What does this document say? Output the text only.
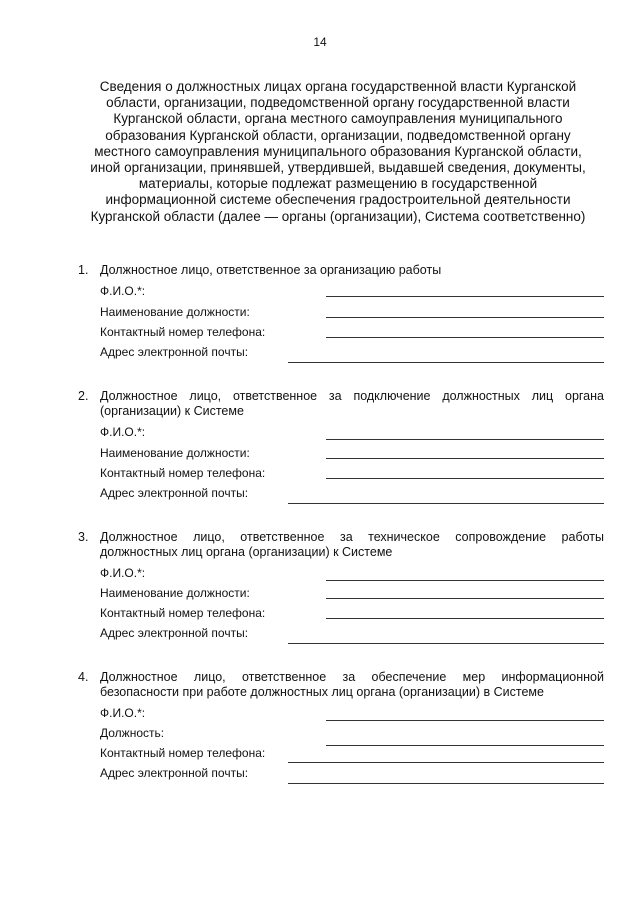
14
Сведения о должностных лицах органа государственной власти Курганской области, организации, подведомственной органу государственной власти Курганской области, органа местного самоуправления муниципального образования Курганской области, организации, подведомственной органу местного самоуправления муниципального образования Курганской области, иной организации, принявшей, утвердившей, выдавшей сведения, документы, материалы, которые подлежат размещению в государственной информационной системе обеспечения градостроительной деятельности Курганской области (далее — органы (организации), Система соответственно)
1. Должностное лицо, ответственное за организацию работы
Ф.И.О.*:
Наименование должности:
Контактный номер телефона:
Адрес электронной почты:
2. Должностное лицо, ответственное за подключение должностных лиц органа (организации) к Системе
Ф.И.О.*:
Наименование должности:
Контактный номер телефона:
Адрес электронной почты:
3. Должностное лицо, ответственное за техническое сопровождение работы должностных лиц органа (организации) к Системе
Ф.И.О.*:
Наименование должности:
Контактный номер телефона:
Адрес электронной почты:
4. Должностное лицо, ответственное за обеспечение мер информационной безопасности при работе должностных лиц органа (организации) в Системе
Ф.И.О.*:
Должность:
Контактный номер телефона:
Адрес электронной почты:
